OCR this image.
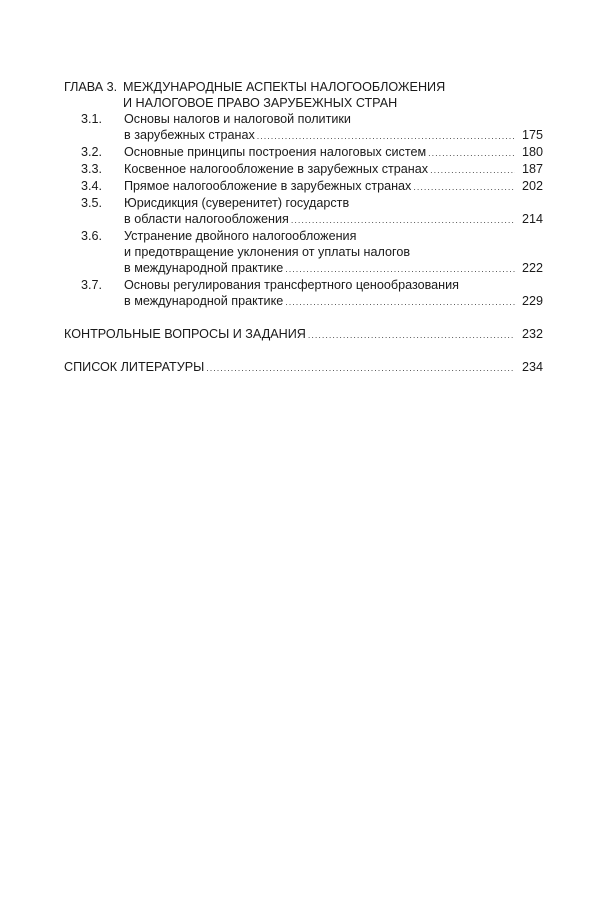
ГЛАВА 3. МЕЖДУНАРОДНЫЕ АСПЕКТЫ НАЛОГООБЛОЖЕНИЯ
И НАЛОГОВОЕ ПРАВО ЗАРУБЕЖНЫХ СТРАН
3.1.	Основы налогов и налоговой политики
в зарубежных странах .....	175
3.2.	Основные принципы построения налоговых систем .....	180
3.3.	Косвенное налогообложение в зарубежных странах .....	187
3.4.	Прямое налогообложение в зарубежных странах .....	202
3.5.	Юрисдикция (суверенитет) государств
в области налогообложения .....	214
3.6.	Устранение двойного налогообложения
и предотвращение уклонения от уплаты налогов
в международной практике .....	222
3.7.	Основы регулирования трансфертного ценообразования
в международной практике .....	229
КОНТРОЛЬНЫЕ ВОПРОСЫ И ЗАДАНИЯ .....	232
СПИСОК ЛИТЕРАТУРЫ .....	234
